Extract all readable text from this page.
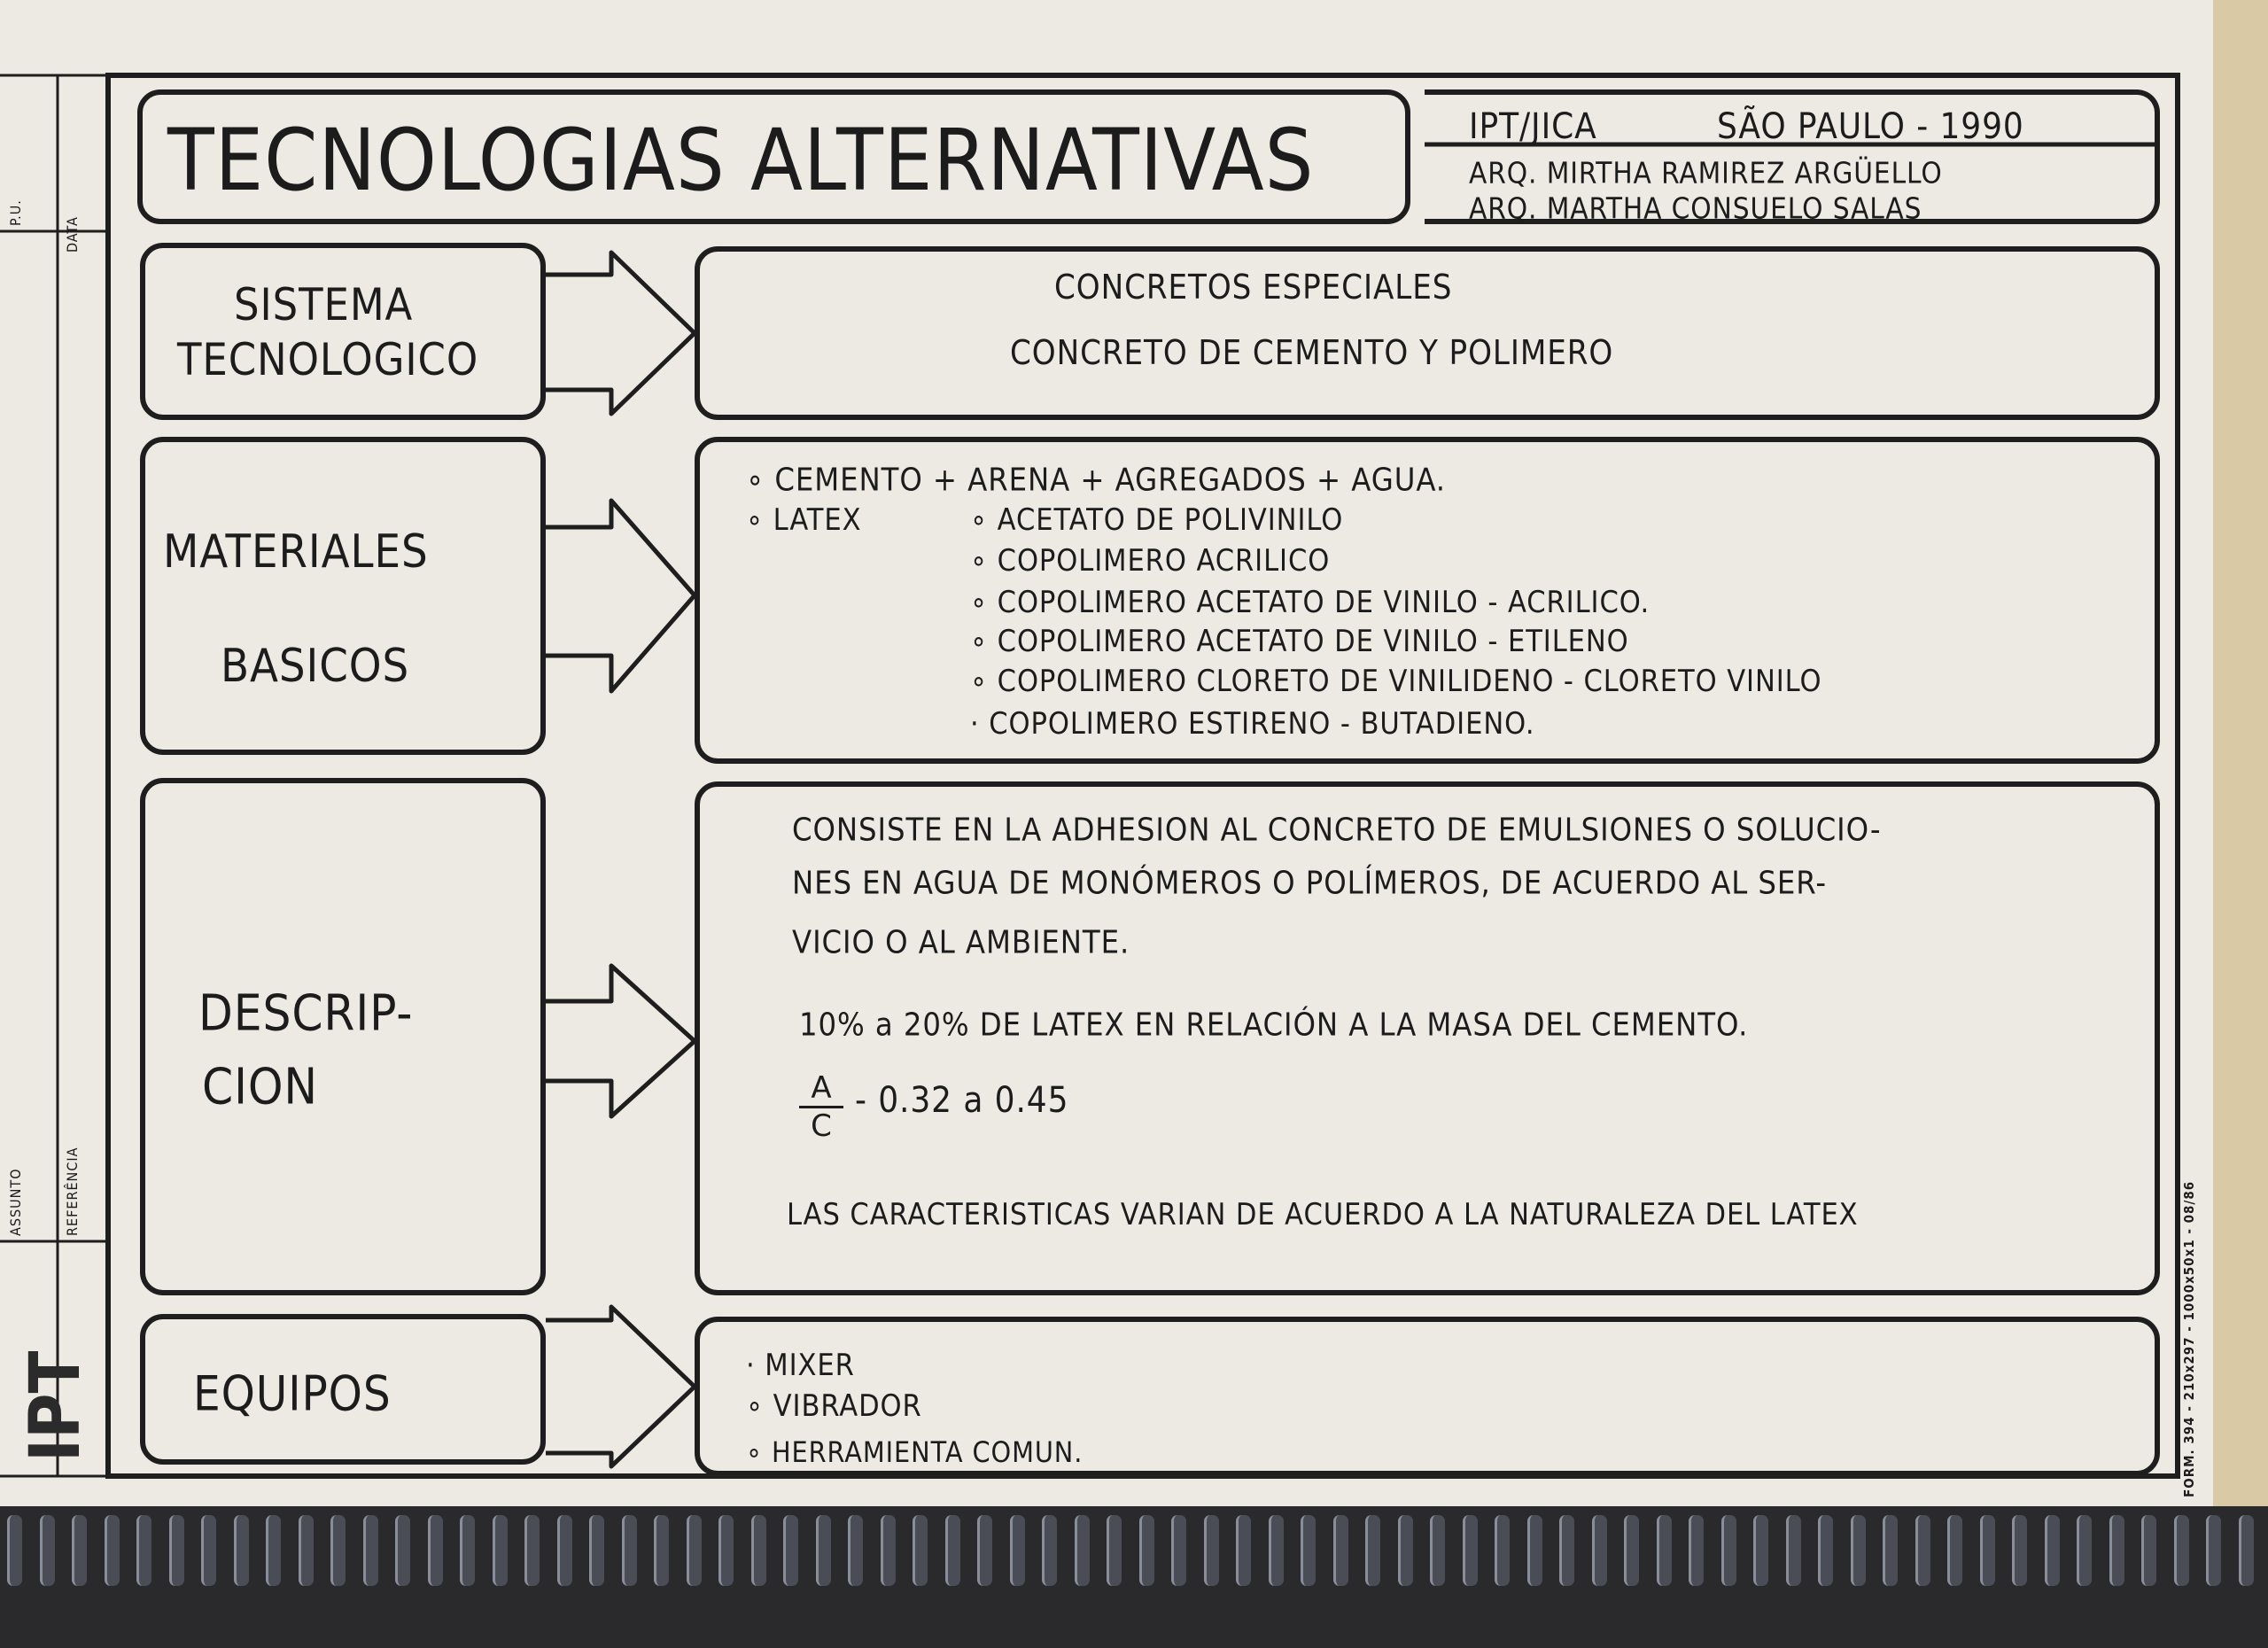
P.U.
DATA
ASSUNTO	REFERÊNCIA
IPT	FORM. 394 - 210x297 - 1000x50x1 - 08/86
TECNOLOGIAS ALTERNATIVAS	IPT/JICA	SÃO PAULO - 1990
ARQ. MIRTHA RAMIREZ ARGÜELLO
ARQ. MARTHA CONSUELO SALAS
SISTEMA
TECNOLOGICO
MATERIALES
BASICOS
DESCRIP-
CION
EQUIPOS
CONCRETOS ESPECIALES
CONCRETO DE CEMENTO Y POLIMERO
∘ CEMENTO + ARENA + AGREGADOS + AGUA.
∘ LATEX	∘ ACETATO DE POLIVINILO
∘ COPOLIMERO ACRILICO
∘ COPOLIMERO ACETATO DE VINILO - ACRILICO.
∘ COPOLIMERO ACETATO DE VINILO - ETILENO
∘ COPOLIMERO CLORETO DE VINILIDENO - CLORETO VINILO
· COPOLIMERO ESTIRENO - BUTADIENO.
CONSISTE EN LA ADHESION AL CONCRETO DE EMULSIONES O SOLUCIO-
NES EN AGUA DE MONÓMEROS O POLÍMEROS, DE ACUERDO AL SER-
VICIO O AL AMBIENTE.
10% a 20% DE LATEX EN RELACIÓN A LA MASA DEL CEMENTO.
$\frac{A}{C} - 0.32$ a 0.45
LAS CARACTERISTICAS VARIAN DE ACUERDO A LA NATURALEZA DEL LATEX
· MIXER
∘ VIBRADOR
∘ HERRAMIENTA COMUN.
